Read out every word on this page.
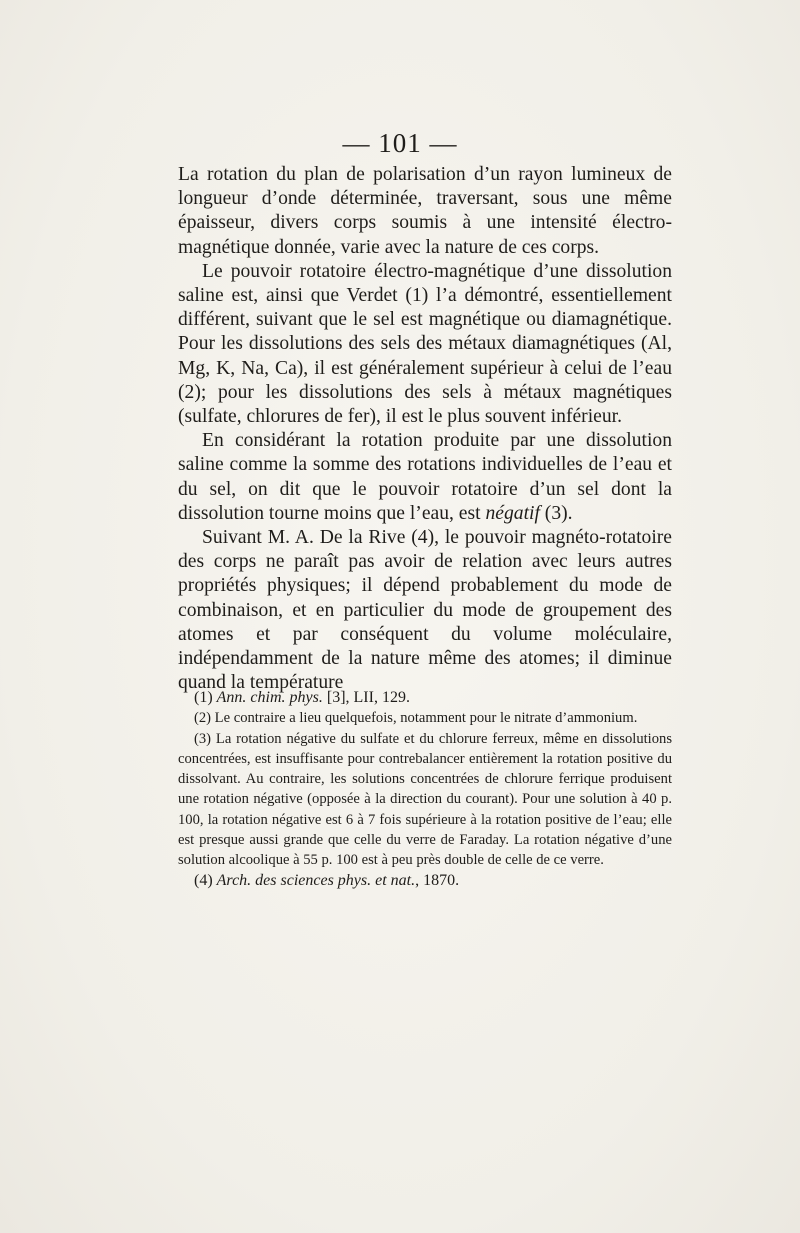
— 101 —

La rotation du plan de polarisation d’un rayon lumineux de longueur d’onde déterminée, traversant, sous une même épaisseur, divers corps soumis à une intensité électro-magnétique donnée, varie avec la nature de ces corps.

Le pouvoir rotatoire électro-magnétique d’une dissolution saline est, ainsi que Verdet (1) l’a démontré, essentiellement différent, suivant que le sel est magnétique ou diamagnétique. Pour les dissolutions des sels des métaux diamagnétiques (Al, Mg, K, Na, Ca), il est généralement supérieur à celui de l’eau (2); pour les dissolutions des sels à métaux magnétiques (sulfate, chlorures de fer), il est le plus souvent inférieur.

En considérant la rotation produite par une dissolution saline comme la somme des rotations individuelles de l’eau et du sel, on dit que le pouvoir rotatoire d’un sel dont la dissolution tourne moins que l’eau, est négatif (3).

Suivant M. A. De la Rive (4), le pouvoir magnéto-rotatoire des corps ne paraît pas avoir de relation avec leurs autres propriétés physiques; il dépend probablement du mode de combinaison, et en particulier du mode de groupement des atomes et par conséquent du volume moléculaire, indépendamment de la nature même des atomes; il diminue quand la température

(1) Ann. chim. phys. [3], LII, 129.

(2) Le contraire a lieu quelquefois, notamment pour le nitrate d’ammonium.

(3) La rotation négative du sulfate et du chlorure ferreux, même en dissolutions concentrées, est insuffisante pour contrebalancer entièrement la rotation positive du dissolvant. Au contraire, les solutions concentrées de chlorure ferrique produisent une rotation négative (opposée à la direction du courant). Pour une solution à 40 p. 100, la rotation négative est 6 à 7 fois supérieure à la rotation positive de l’eau; elle est presque aussi grande que celle du verre de Faraday. La rotation négative d’une solution alcoolique à 55 p. 100 est à peu près double de celle de ce verre.

(4) Arch. des sciences phys. et nat., 1870.
